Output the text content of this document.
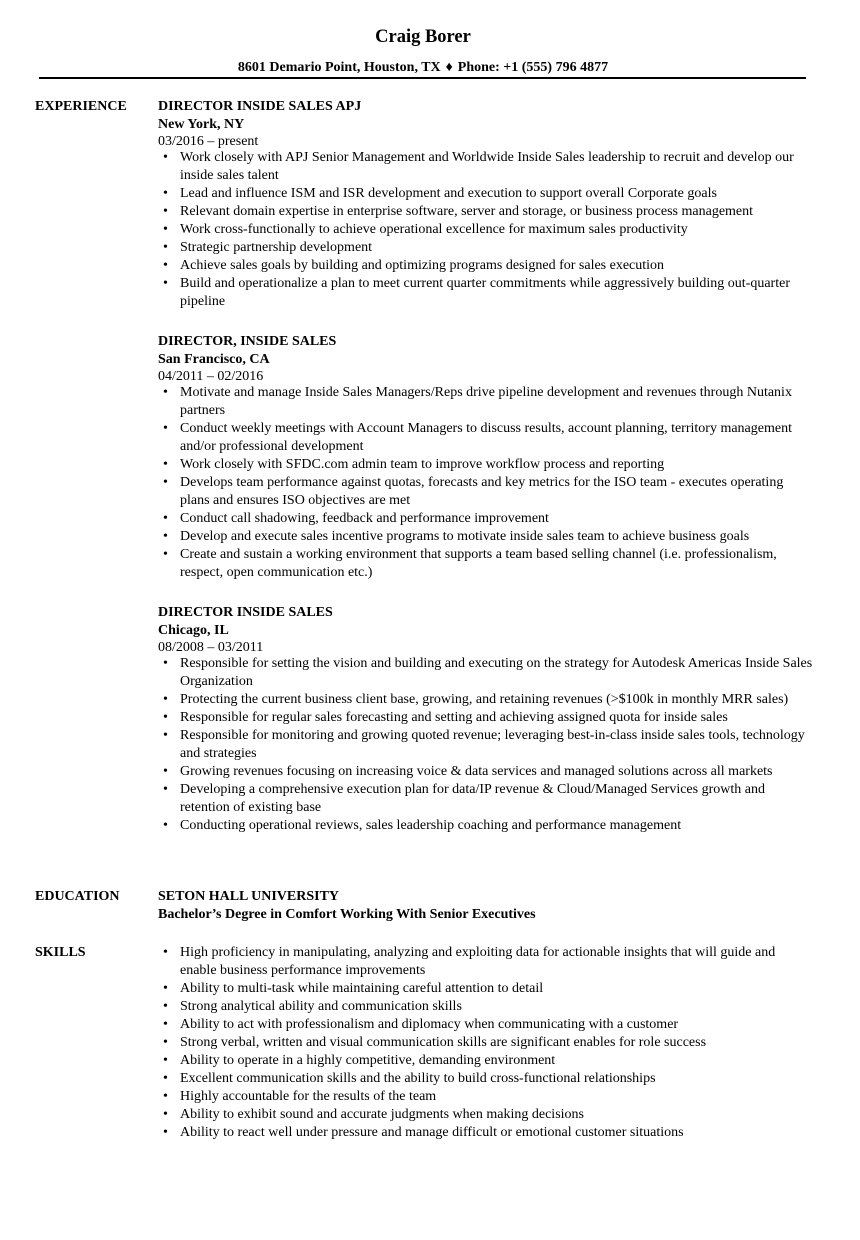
Craig Borer
8601 Demario Point, Houston, TX ♦ Phone: +1 (555) 796 4877
EXPERIENCE DIRECTOR INSIDE SALES APJ
New York, NY
03/2016 – present
• Work closely with APJ Senior Management and Worldwide Inside Sales leadership to recruit and develop our inside sales talent
• Lead and influence ISM and ISR development and execution to support overall Corporate goals
• Relevant domain expertise in enterprise software, server and storage, or business process management
• Work cross-functionally to achieve operational excellence for maximum sales productivity
• Strategic partnership development
• Achieve sales goals by building and optimizing programs designed for sales execution
• Build and operationalize a plan to meet current quarter commitments while aggressively building out-quarter pipeline
DIRECTOR, INSIDE SALES
San Francisco, CA
04/2011 – 02/2016
• Motivate and manage Inside Sales Managers/Reps drive pipeline development and revenues through Nutanix partners
• Conduct weekly meetings with Account Managers to discuss results, account planning, territory management and/or professional development
• Work closely with SFDC.com admin team to improve workflow process and reporting
• Develops team performance against quotas, forecasts and key metrics for the ISO team - executes operating plans and ensures ISO objectives are met
• Conduct call shadowing, feedback and performance improvement
• Develop and execute sales incentive programs to motivate inside sales team to achieve business goals
• Create and sustain a working environment that supports a team based selling channel (i.e. professionalism, respect, open communication etc.)
DIRECTOR INSIDE SALES
Chicago, IL
08/2008 – 03/2011
• Responsible for setting the vision and building and executing on the strategy for Autodesk Americas Inside Sales Organization
• Protecting the current business client base, growing, and retaining revenues (>$100k in monthly MRR sales)
• Responsible for regular sales forecasting and setting and achieving assigned quota for inside sales
• Responsible for monitoring and growing quoted revenue; leveraging best-in-class inside sales tools, technology and strategies
• Growing revenues focusing on increasing voice & data services and managed solutions across all markets
• Developing a comprehensive execution plan for data/IP revenue & Cloud/Managed Services growth and retention of existing base
• Conducting operational reviews, sales leadership coaching and performance management
EDUCATION	SETON HALL UNIVERSITY
Bachelor’s Degree in Comfort Working With Senior Executives
SKILLS
•	High proficiency in manipulating, analyzing and exploiting data for actionable insights that will guide and enable business performance improvements
• Ability to multi-task while maintaining careful attention to detail
• Strong analytical ability and communication skills
• Ability to act with professionalism and diplomacy when communicating with a customer
• Strong verbal, written and visual communication skills are significant enables for role success
• Ability to operate in a highly competitive, demanding environment
• Excellent communication skills and the ability to build cross-functional relationships
• Highly accountable for the results of the team
• Ability to exhibit sound and accurate judgments when making decisions
• Ability to react well under pressure and manage difficult or emotional customer situations
